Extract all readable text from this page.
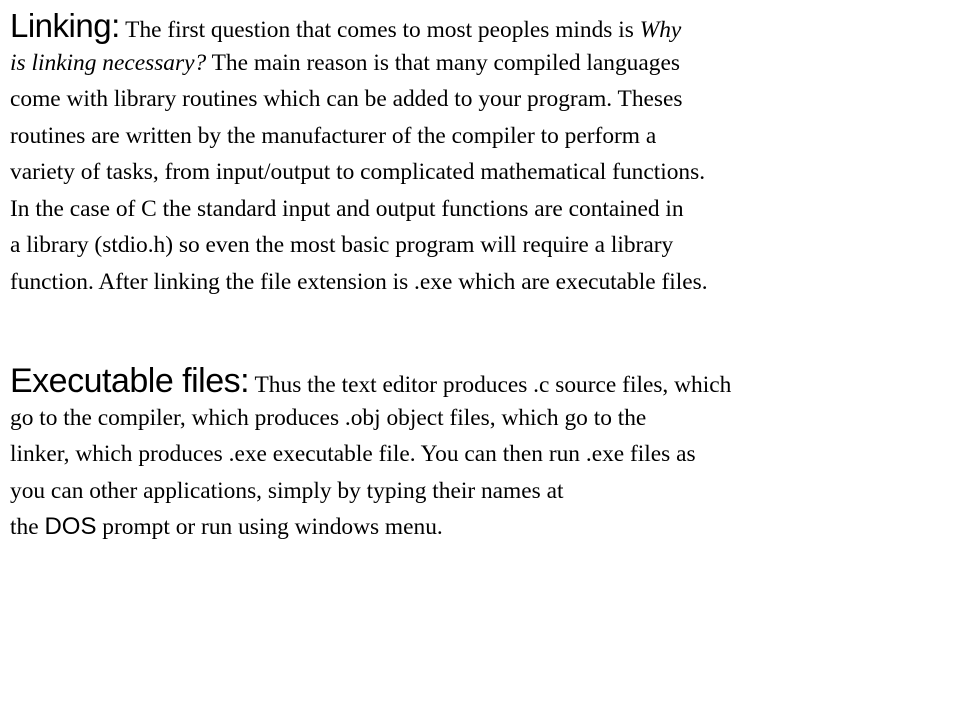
Linking: The first question that comes to most peoples minds is Why
is linking necessary? The main reason is that many compiled languages
come with library routines which can be added to your program. Theses
routines are written by the manufacturer of the compiler to perform a
variety of tasks, from input/output to complicated mathematical functions.
In the case of C the standard input and output functions are contained in
a library (stdio.h) so even the most basic program will require a library
function. After linking the file extension is .exe which are executable files.

Executable files: Thus the text editor produces .c source files, which
go to the compiler, which produces .obj object files, which go to the
linker, which produces .exe executable file. You can then run .exe files as
you can other applications, simply by typing their names at
the DOS prompt or run using windows menu.
